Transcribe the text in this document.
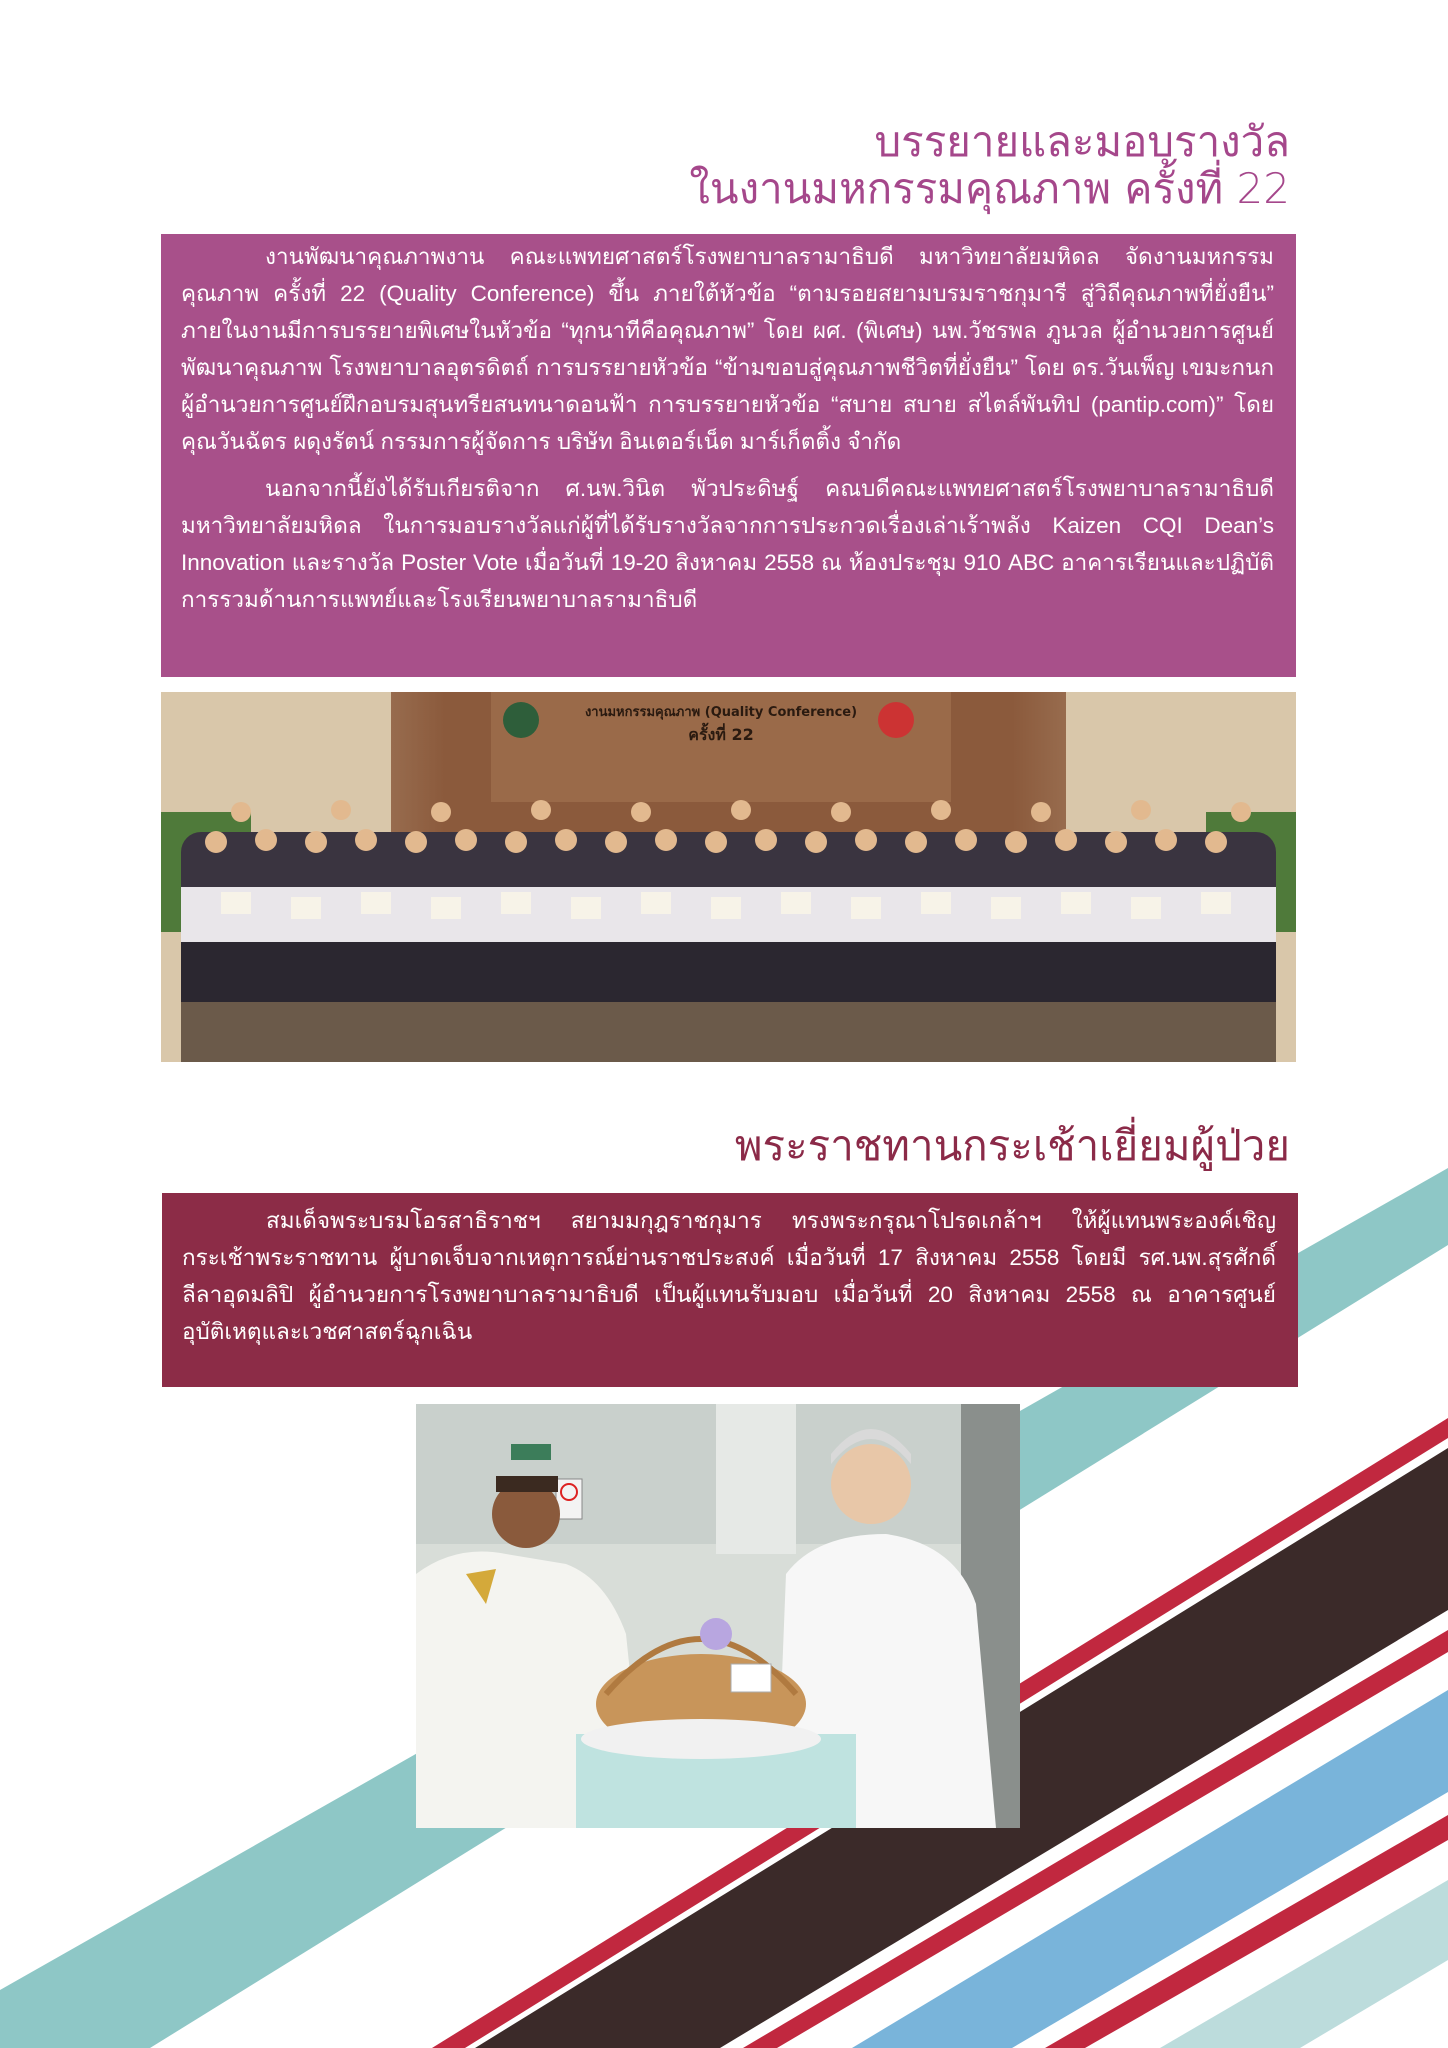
บรรยายและมอบรางวัล
ในงานมหกรรมคุณภาพ ครั้งที่ 22

งานพัฒนาคุณภาพงาน คณะแพทยศาสตร์โรงพยาบาลรามาธิบดี มหาวิทยาลัยมหิดล จัดงานมหกรรมคุณภาพ ครั้งที่ 22 (Quality Conference) ขึ้น ภายใต้หัวข้อ “ตามรอยสยามบรมราชกุมารี สู่วิถีคุณภาพที่ยั่งยืน” ภายในงานมีการบรรยายพิเศษในหัวข้อ “ทุกนาทีคือคุณภาพ” โดย ผศ. (พิเศษ) นพ.วัชรพล ภูนวล ผู้อำนวยการศูนย์พัฒนาคุณภาพ โรงพยาบาลอุตรดิตถ์ การบรรยายหัวข้อ “ข้ามขอบสู่คุณภาพชีวิตที่ยั่งยืน” โดย ดร.วันเพ็ญ เขมะกนก ผู้อำนวยการศูนย์ฝึกอบรมสุนทรียสนทนาดอนฟ้า การบรรยายหัวข้อ “สบาย สบาย สไตล์พันทิป (pantip.com)” โดย คุณวันฉัตร ผดุงรัตน์ กรรมการผู้จัดการ บริษัท อินเตอร์เน็ต มาร์เก็ตติ้ง จำกัด

นอกจากนี้ยังได้รับเกียรติจาก ศ.นพ.วินิต พัวประดิษฐ์ คณบดีคณะแพทยศาสตร์โรงพยาบาลรามาธิบดี มหาวิทยาลัยมหิดล ในการมอบรางวัลแก่ผู้ที่ได้รับรางวัลจากการประกวดเรื่องเล่าเร้าพลัง Kaizen CQI Dean’s Innovation และรางวัล Poster Vote เมื่อวันที่ 19-20 สิงหาคม 2558 ณ ห้องประชุม 910 ABC อาคารเรียนและปฏิบัติการรวมด้านการแพทย์และโรงเรียนพยาบาลรามาธิบดี

งานมหกรรมคุณภาพ (Quality Conference)
ครั้งที่ 22
พระราชทานกระเช้าเยี่ยมผู้ป่วย

สมเด็จพระบรมโอรสาธิราชฯ สยามมกุฎราชกุมาร ทรงพระกรุณาโปรดเกล้าฯ ให้ผู้แทนพระองค์เชิญกระเช้าพระราชทาน ผู้บาดเจ็บจากเหตุการณ์ย่านราชประสงค์ เมื่อวันที่ 17 สิงหาคม 2558 โดยมี รศ.นพ.สุรศักดิ์ ลีลาอุดมลิปิ ผู้อำนวยการโรงพยาบาลรามาธิบดี เป็นผู้แทนรับมอบ เมื่อวันที่ 20 สิงหาคม 2558 ณ อาคารศูนย์อุบัติเหตุและเวชศาสตร์ฉุกเฉิน
